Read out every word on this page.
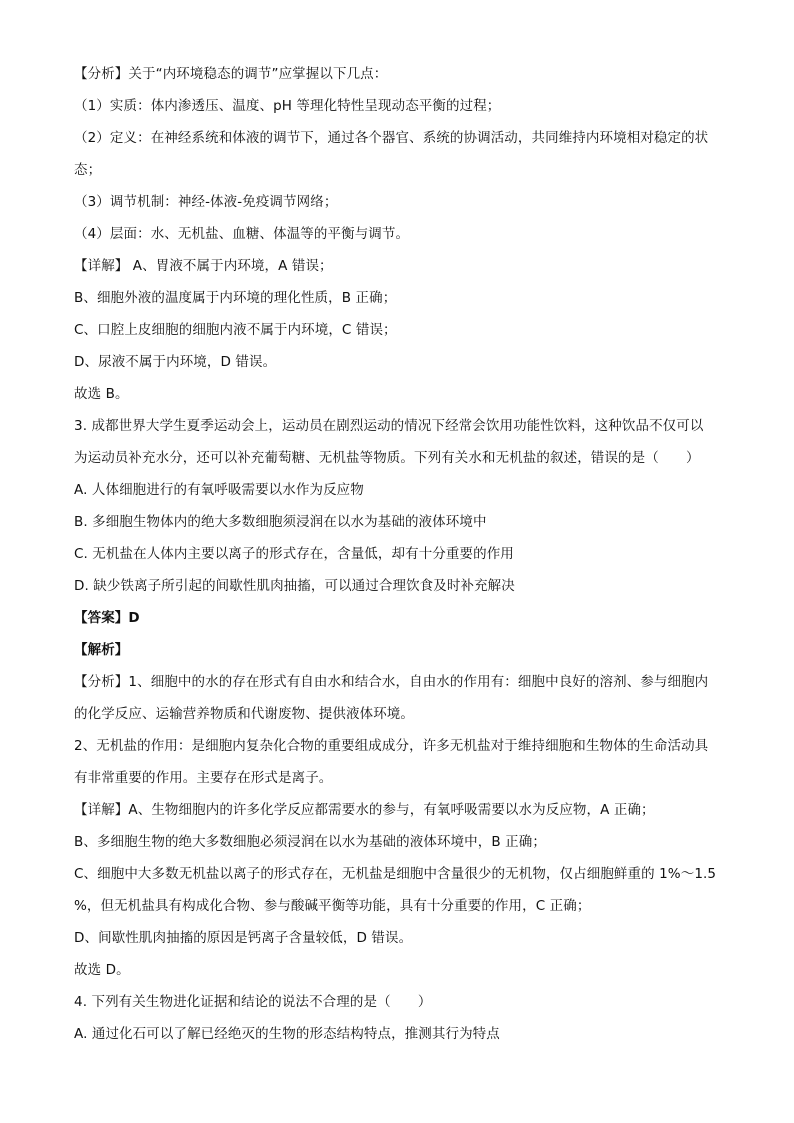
【分析】关于“内环境稳态的调节”应掌握以下几点：
（1）实质：体内渗透压、温度、pH 等理化特性呈现动态平衡的过程；
（2）定义：在神经系统和体液的调节下，通过各个器官、系统的协调活动，共同维持内环境相对稳定的状
态；
（3）调节机制：神经-体液-免疫调节网络；
（4）层面：水、无机盐、血糖、体温等的平衡与调节。
【详解】 A、胃液不属于内环境，A 错误；
B、细胞外液的温度属于内环境的理化性质，B 正确；
C、口腔上皮细胞的细胞内液不属于内环境，C 错误；
D、尿液不属于内环境，D 错误。
故选 B。
3. 成都世界大学生夏季运动会上，运动员在剧烈运动的情况下经常会饮用功能性饮料，这种饮品不仅可以
为运动员补充水分，还可以补充葡萄糖、无机盐等物质。下列有关水和无机盐的叙述，错误的是（　　）
A. 人体细胞进行的有氧呼吸需要以水作为反应物
B. 多细胞生物体内的绝大多数细胞须浸润在以水为基础的液体环境中
C. 无机盐在人体内主要以离子的形式存在，含量低，却有十分重要的作用
D. 缺少铁离子所引起的间歇性肌肉抽搐，可以通过合理饮食及时补充解决
【答案】D
【解析】
【分析】1、细胞中的水的存在形式有自由水和结合水，自由水的作用有：细胞中良好的溶剂、参与细胞内
的化学反应、运输营养物质和代谢废物、提供液体环境。
2、无机盐的作用：是细胞内复杂化合物的重要组成成分，许多无机盐对于维持细胞和生物体的生命活动具
有非常重要的作用。主要存在形式是离子。
【详解】A、生物细胞内的许多化学反应都需要水的参与，有氧呼吸需要以水为反应物，A 正确；
B、多细胞生物的绝大多数细胞必须浸润在以水为基础的液体环境中，B 正确；
C、细胞中大多数无机盐以离子的形式存在，无机盐是细胞中含量很少的无机物，仅占细胞鲜重的 1%～1.5
%，但无机盐具有构成化合物、参与酸碱平衡等功能，具有十分重要的作用，C 正确；
D、间歇性肌肉抽搐的原因是钙离子含量较低，D 错误。
故选 D。
4. 下列有关生物进化证据和结论的说法不合理的是（　　）
A. 通过化石可以了解已经绝灭的生物的形态结构特点，推测其行为特点
